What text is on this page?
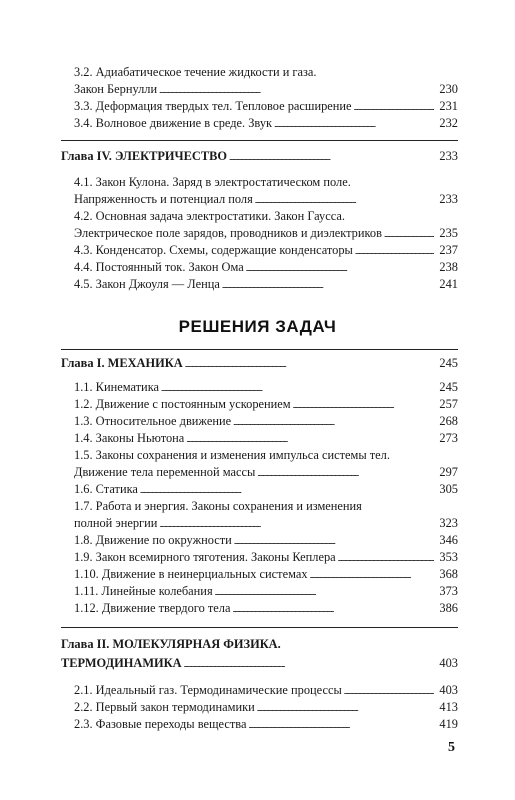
3.2. Адиабатическое течение жидкости и газа.
Закон Бернулли . . .	230
3.3. Деформация твердых тел. Тепловое расширение . . .	231
3.4. Волновое движение в среде. Звук . . .	232
Глава IV. ЭЛЕКТРИЧЕСТВО . . .	233
4.1. Закон Кулона. Заряд в электростатическом поле.
Напряженность и потенциал поля . . .	233
4.2. Основная задача электростатики. Закон Гаусса.
Электрическое поле зарядов, проводников и диэлектриков . . .	235
4.3. Конденсатор. Схемы, содержащие конденсаторы . . .	237
4.4. Постоянный ток. Закон Ома . . .	238
4.5. Закон Джоуля — Ленца . . .	241
РЕШЕНИЯ ЗАДАЧ
Глава I. МЕХАНИКА . . .	245
1.1. Кинематика . . .	245
1.2. Движение с постоянным ускорением . . .	257
1.3. Относительное движение . . .	268
1.4. Законы Ньютона . . .	273
1.5. Законы сохранения и изменения импульса системы тел.
Движение тела переменной массы . . .	297
1.6. Статика . . .	305
1.7. Работа и энергия. Законы сохранения и изменения
полной энергии . . .	323
1.8. Движение по окружности . . .	346
1.9. Закон всемирного тяготения. Законы Кеплера . . .	353
1.10. Движение в неинерциальных системах . . .	368
1.11. Линейные колебания . . .	373
1.12. Движение твердого тела . . .	386
Глава II. МОЛЕКУЛЯРНАЯ ФИЗИКА.
ТЕРМОДИНАМИКА . . .	403
2.1. Идеальный газ. Термодинамические процессы . . .	403
2.2. Первый закон термодинамики . . .	413
2.3. Фазовые переходы вещества . . .	419
5
